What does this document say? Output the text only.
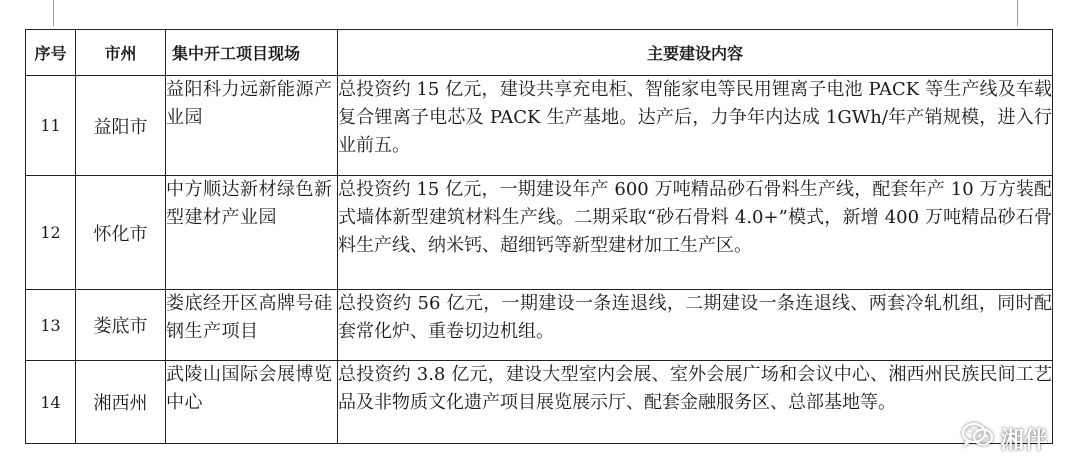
序号	市州	集中开工项目现场	主要建设内容
11	益阳市	益阳科力远新能源产业园	总投资约 15 亿元，建设共享充电柜、智能家电等民用锂离子电池 PACK 等生产线及车载复合锂离子电芯及 PACK 生产基地。达产后，力争年内达成 1GWh/年产销规模，进入行业前五。
12	怀化市	中方顺达新材绿色新型建材产业园	总投资约 15 亿元，一期建设年产 600 万吨精品砂石骨料生产线，配套年产 10 万方装配式墙体新型建筑材料生产线。二期采取“砂石骨料 4.0+”模式，新增 400 万吨精品砂石骨料生产线、纳米钙、超细钙等新型建材加工生产区。
13	娄底市	娄底经开区高牌号硅钢生产项目	总投资约 56 亿元，一期建设一条连退线，二期建设一条连退线、两套冷轧机组，同时配套常化炉、重卷切边机组。
14	湘西州	武陵山国际会展博览中心	总投资约 3.8 亿元，建设大型室内会展、室外会展广场和会议中心、湘西州民族民间工艺品及非物质文化遗产项目展览展示厅、配套金融服务区、总部基地等。
湘伴
